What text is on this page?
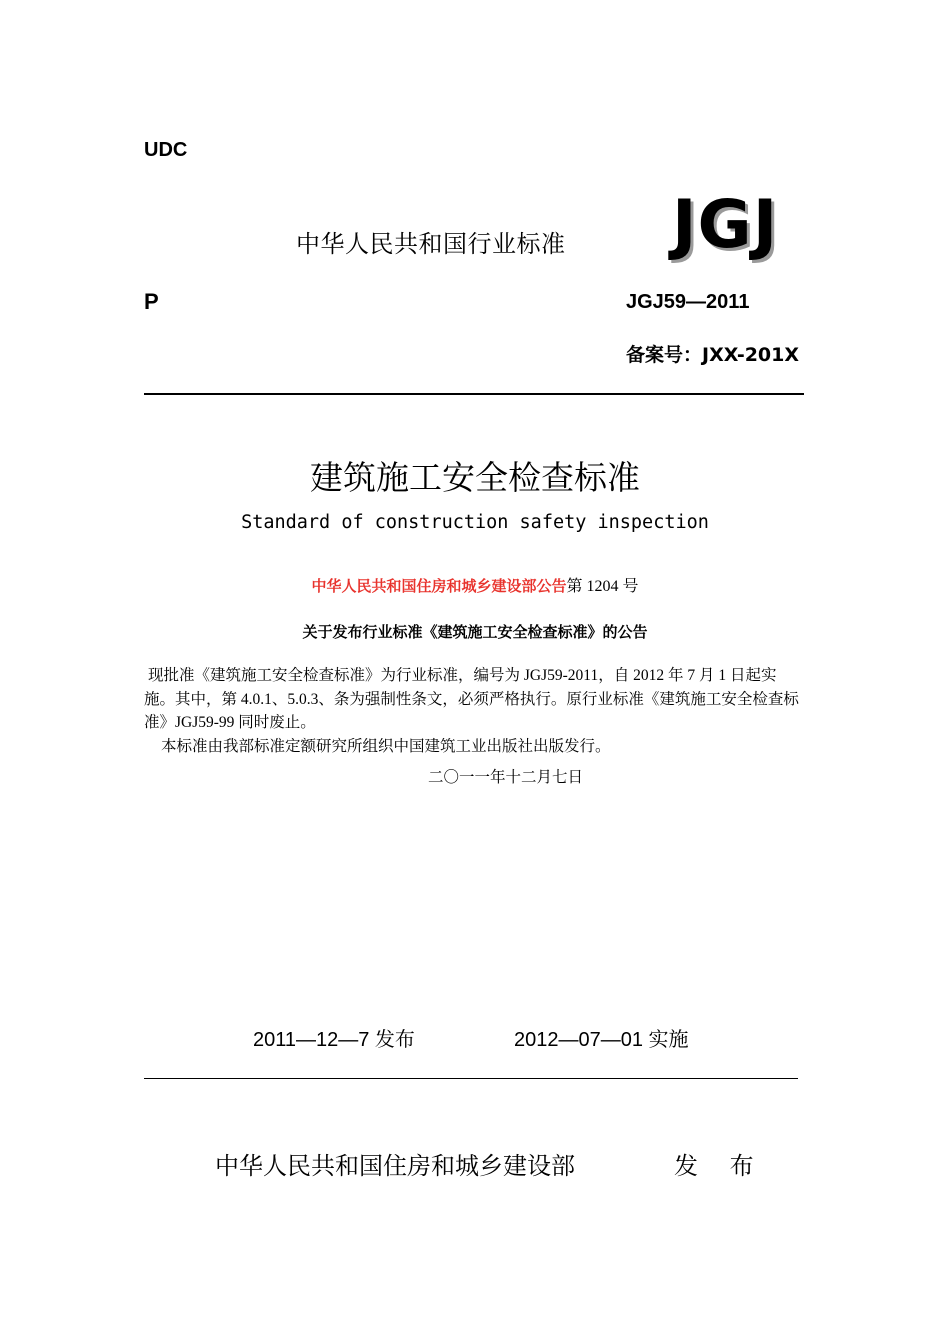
UDC
中华人民共和国行业标准 JGJ
P	JGJ59—2011
备案号：JXX-201X
建筑施工安全检查标准
Standard of construction safety inspection
中华人民共和国住房和城乡建设部公告第 1204 号
关于发布行业标准《建筑施工安全检查标准》的公告

现批准《建筑施工安全检查标准》为行业标准，编号为 JGJ59-2011，自 2012 年 7 月 1 日起实施。其中，第 4.0.1、5.0.3、条为强制性条文，必须严格执行。原行业标准《建筑施工安全检查标准》JGJ59-99 同时废止。

本标准由我部标准定额研究所组织中国建筑工业出版社出版发行。

二〇一一年十二月七日
2011—12—7 发布	2012—07—01 实施
中华人民共和国住房和城乡建设部	发 布
